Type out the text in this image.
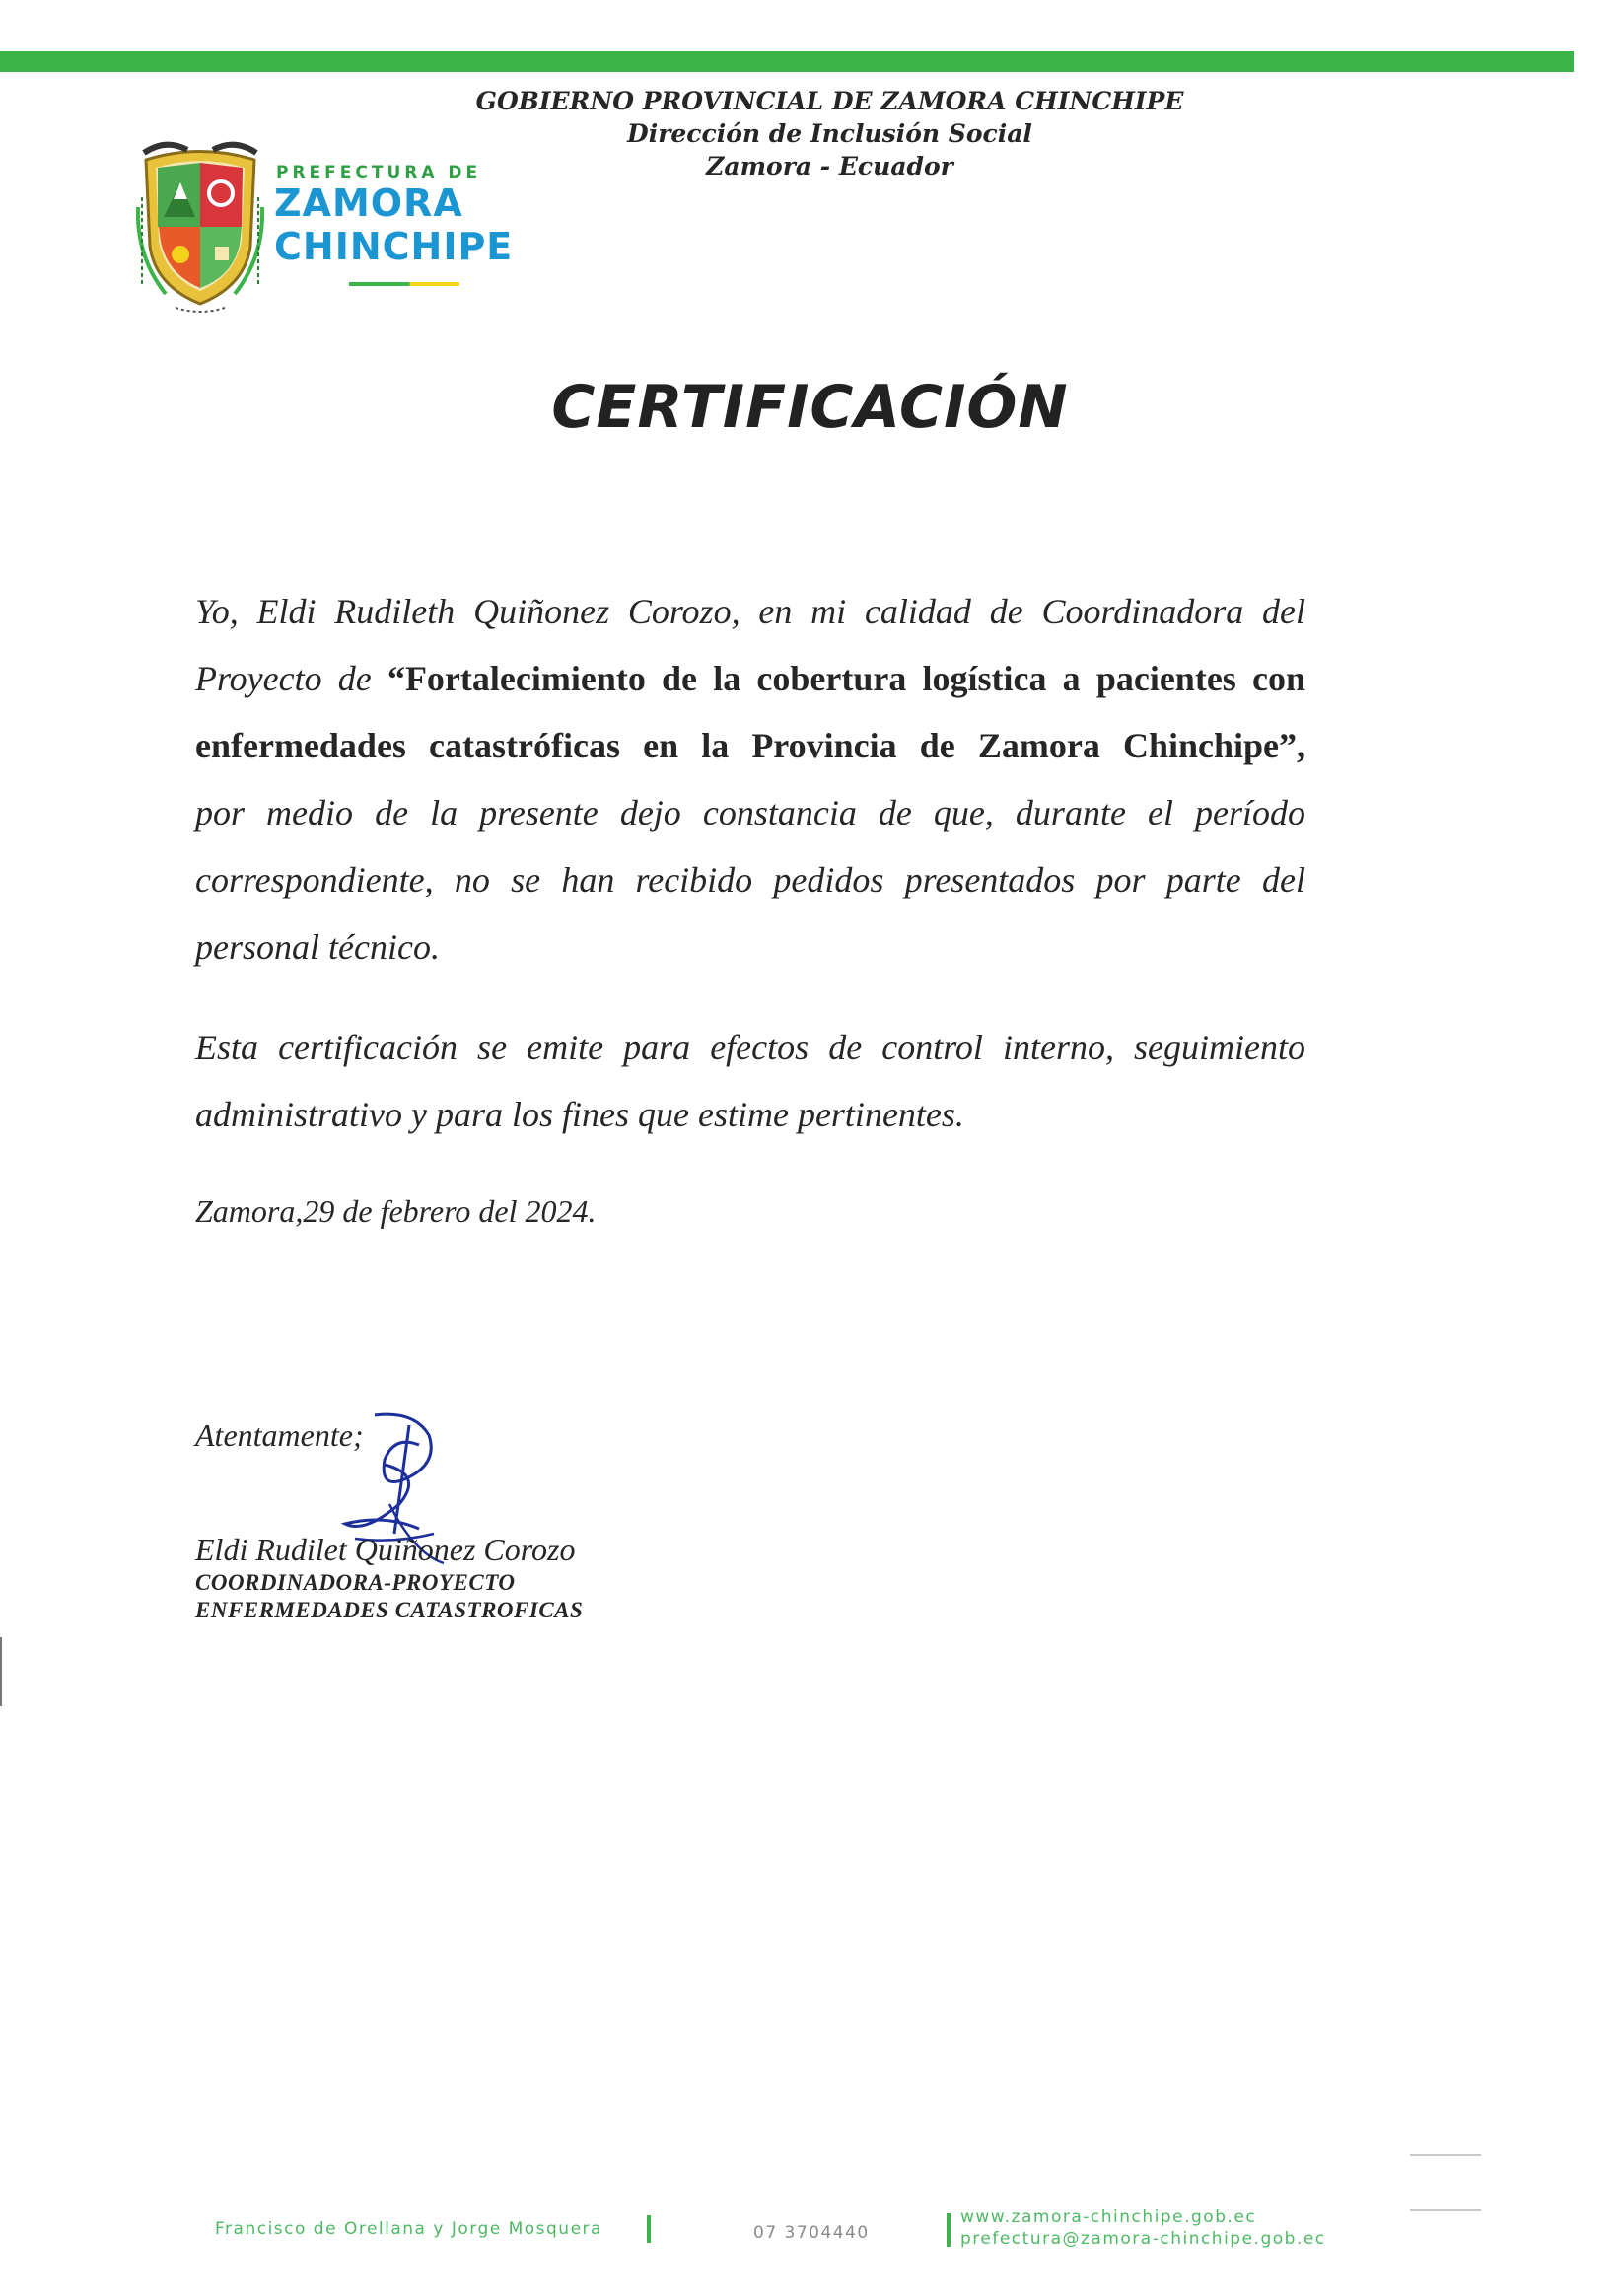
GOBIERNO PROVINCIAL DE ZAMORA CHINCHIPE
Dirección de Inclusión Social
Zamora - Ecuador
PREFECTURA DE
ZAMORA
CHINCHIPE
CERTIFICACIÓN
Yo, Eldi Rudileth Quiñonez Corozo, en mi calidad de Coordinadora del
Proyecto de “Fortalecimiento de la cobertura logística a pacientes con
enfermedades catastróficas en la Provincia de Zamora Chinchipe”,
por medio de la presente dejo constancia de que, durante el período
correspondiente, no se han recibido pedidos presentados por parte del
personal técnico.
Esta certificación se emite para efectos de control interno, seguimiento
administrativo y para los fines que estime pertinentes.
Zamora,29 de febrero del 2024.
Atentamente;
Eldi Rudilet Quiñonez Corozo
COORDINADORA-PROYECTO
ENFERMEDADES CATASTROFICAS
Francisco de Orellana y Jorge Mosquera	07 3704440
www.zamora-chinchipe.gob.ec
prefectura@zamora-chinchipe.gob.ec
